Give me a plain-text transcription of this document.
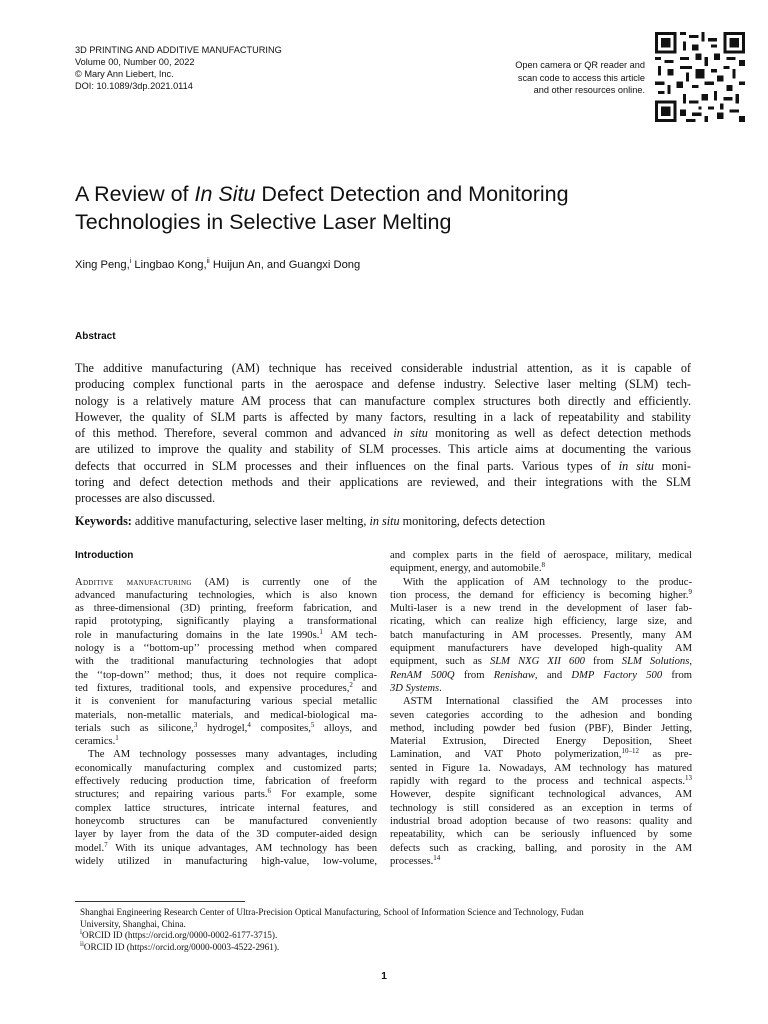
3D PRINTING AND ADDITIVE MANUFACTURING
Volume 00, Number 00, 2022
© Mary Ann Liebert, Inc.
DOI: 10.1089/3dp.2021.0114
Open camera or QR reader and
scan code to access this article
and other resources online.
A Review of In Situ Defect Detection and Monitoring
Technologies in Selective Laser Melting
Xing Peng,$^i$ Lingbao Kong,$^{ii}$ Huijun An, and Guangxi Dong
Abstract
The additive manufacturing (AM) technique has received considerable industrial attention, as it is capable of
producing complex functional parts in the aerospace and defense industry. Selective laser melting (SLM) tech-
nology is a relatively mature AM process that can manufacture complex structures both directly and efficiently.
However, the quality of SLM parts is affected by many factors, resulting in a lack of repeatability and stability
of this method. Therefore, several common and advanced in situ monitoring as well as defect detection methods
are utilized to improve the quality and stability of SLM processes. This article aims at documenting the various
defects that occurred in SLM processes and their influences on the final parts. Various types of in situ moni-
toring and defect detection methods and their applications are reviewed, and their integrations with the SLM
processes are also discussed.
Keywords: additive manufacturing, selective laser melting, in situ monitoring, defects detection
Introduction
Additive manufacturing (AM) is currently one of the
advanced manufacturing technologies, which is also known
as three-dimensional (3D) printing, freeform fabrication, and
rapid prototyping, significantly playing a transformational
role in manufacturing domains in the late 1990s.$^1$ AM tech-
nology is a ‘‘bottom-up’’ processing method when compared
with the traditional manufacturing technologies that adopt
the ‘‘top-down’’ method; thus, it does not require complica-
ted fixtures, traditional tools, and expensive procedures,$^2$ and
it is convenient for manufacturing various special metallic
materials, non-metallic materials, and medical-biological ma-
terials such as silicone,$^3$ hydrogel,$^4$ composites,$^5$ alloys, and
ceramics.$^1$
The AM technology possesses many advantages, including
economically manufacturing complex and customized parts;
effectively reducing production time, fabrication of freeform
structures; and repairing various parts.$^6$ For example, some
complex lattice structures, intricate internal features, and
honeycomb structures can be manufactured conveniently
layer by layer from the data of the 3D computer-aided design
model.$^7$ With its unique advantages, AM technology has been
widely utilized in manufacturing high-value, low-volume,
and complex parts in the field of aerospace, military, medical
equipment, energy, and automobile.$^8$
With the application of AM technology to the produc-
tion process, the demand for efficiency is becoming higher.$^9$
Multi-laser is a new trend in the development of laser fab-
ricating, which can realize high efficiency, large size, and
batch manufacturing in AM processes. Presently, many AM
equipment manufacturers have developed high-quality AM
equipment, such as SLM NXG XII 600 from SLM Solutions,
RenAM 500Q from Renishaw, and DMP Factory 500 from
3D Systems.
ASTM International classified the AM processes into
seven categories according to the adhesion and bonding
method, including powder bed fusion (PBF), Binder Jetting,
Material Extrusion, Directed Energy Deposition, Sheet
Lamination, and VAT Photo polymerization,$^{10-12}$ as pre-
sented in Figure 1a. Nowadays, AM technology has matured
rapidly with regard to the process and technical aspects.$^{13}$
However, despite significant technological advances, AM
technology is still considered as an exception in terms of
industrial broad adoption because of two reasons: quality and
repeatability, which can be seriously influenced by some
defects such as cracking, balling, and porosity in the AM
processes.$^{14}$
Shanghai Engineering Research Center of Ultra-Precision Optical Manufacturing, School of Information Science and Technology, Fudan
University, Shanghai, China.
$^i$ORCID ID (https://orcid.org/0000-0002-6177-3715).
$^{ii}$ORCID ID (https://orcid.org/0000-0003-4522-2961).
1
